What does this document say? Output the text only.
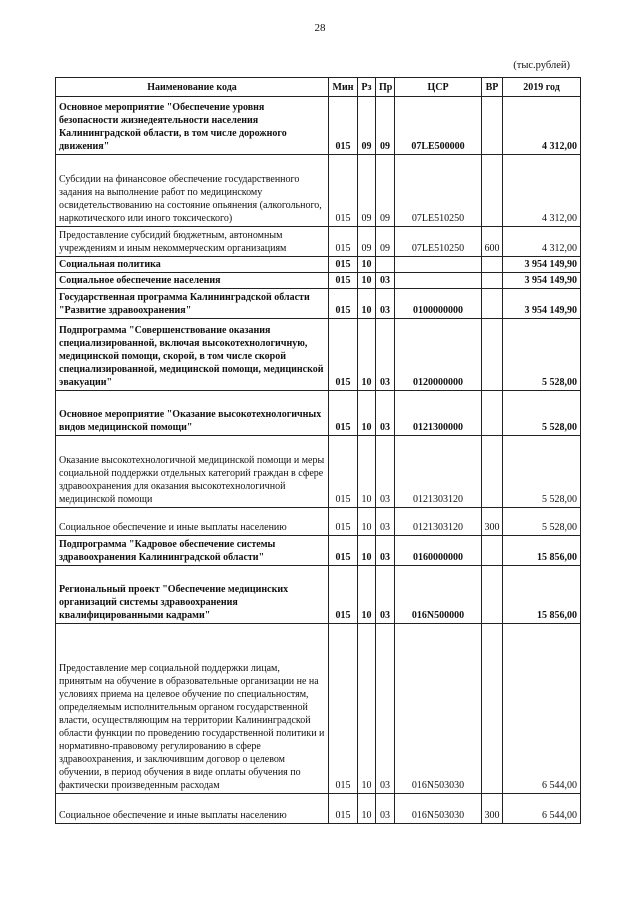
28
(тыс.рублей)
Наименование кода	Мин	Рз	Пр	ЦСР	ВР	2019 год
Основное мероприятие "Обеспечение уровня безопасности жизнедеятельности населения Калининградской области, в том числе дорожного движения"	015	09	09	07LE500000		4 312,00
Субсидии на финансовое обеспечение государственного задания на выполнение работ по медицинскому освидетельствованию на состояние опьянения (алкогольного, наркотического или иного токсического)	015	09	09	07LE510250		4 312,00
Предоставление субсидий бюджетным, автономным учреждениям и иным некоммерческим организациям	015	09	09	07LE510250	600	4 312,00
Социальная политика	015	10				3 954 149,90
Социальное обеспечение населения	015	10	03			3 954 149,90
Государственная программа Калининградской области "Развитие здравоохранения"	015	10	03	0100000000		3 954 149,90
Подпрограмма "Совершенствование оказания специализированной, включая высокотехнологичную, медицинской помощи, скорой, в том числе скорой специализированной, медицинской помощи, медицинской эвакуации"	015	10	03	0120000000		5 528,00
Основное мероприятие "Оказание высокотехнологичных видов медицинской помощи"	015	10	03	0121300000		5 528,00
Оказание высокотехнологичной медицинской помощи и меры социальной поддержки отдельных категорий граждан в сфере здравоохранения для оказания высокотехнологичной медицинской помощи	015	10	03	0121303120		5 528,00
Социальное обеспечение и иные выплаты населению	015	10	03	0121303120	300	5 528,00
Подпрограмма "Кадровое обеспечение системы здравоохранения Калининградской области"	015	10	03	0160000000		15 856,00
Региональный проект "Обеспечение медицинских организаций системы здравоохранения квалифицированными кадрами"	015	10	03	016N500000		15 856,00
Предоставление мер социальной поддержки лицам, принятым на обучение в образовательные организации не на условиях приема на целевое обучение по специальностям, определяемым исполнительным органом государственной власти, осуществляющим на территории Калининградской области функции по проведению государственной политики и нормативно-правовому регулированию в сфере здравоохранения, и заключившим договор о целевом обучении, в период обучения в виде оплаты обучения по фактически произведенным расходам	015	10	03	016N503030		6 544,00
Социальное обеспечение и иные выплаты населению	015	10	03	016N503030	300	6 544,00
